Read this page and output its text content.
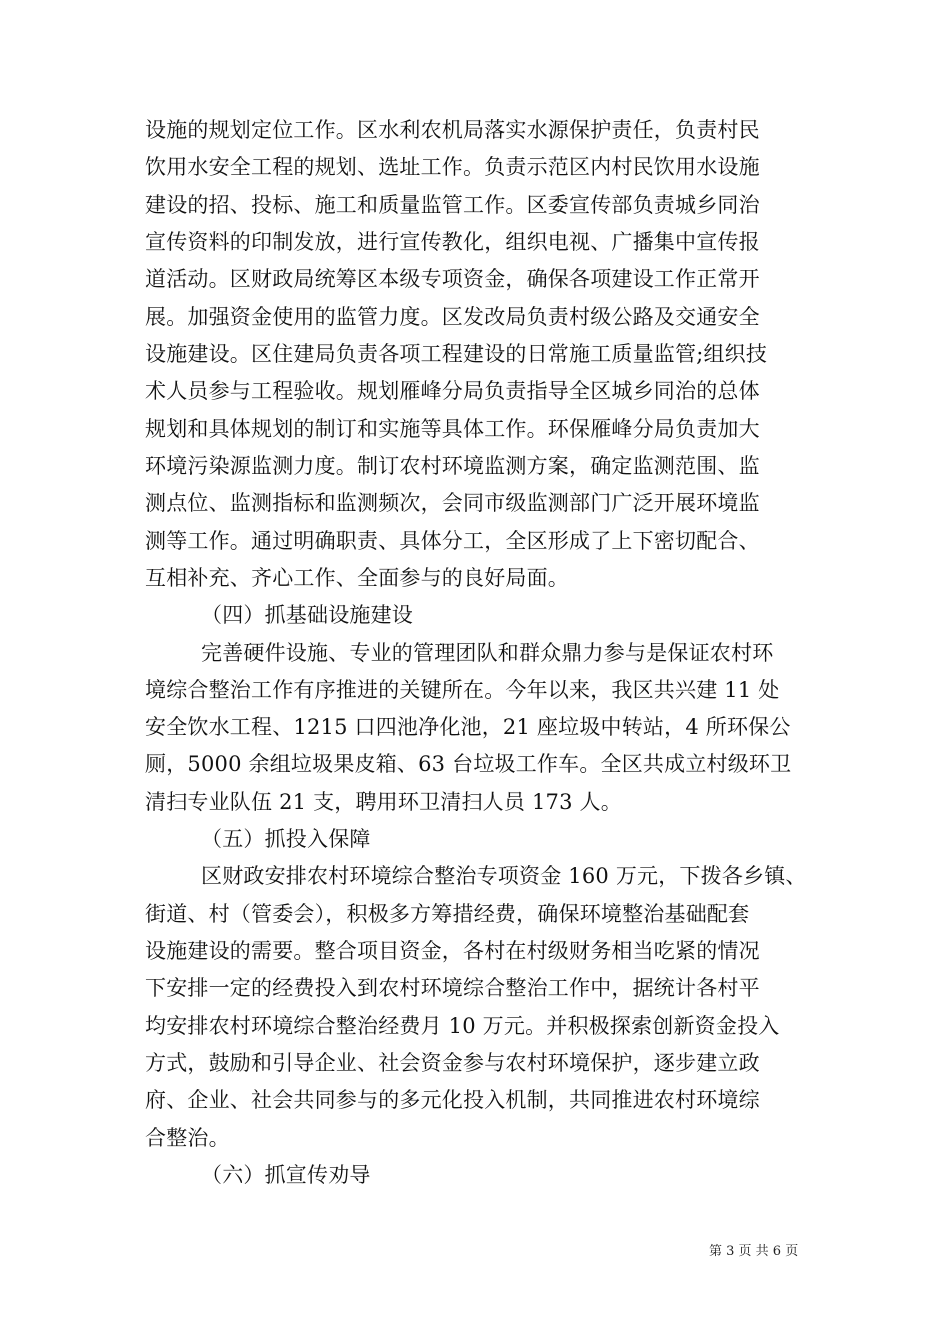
设施的规划定位工作。区水利农机局落实水源保护责任，负责村民
饮用水安全工程的规划、选址工作。负责示范区内村民饮用水设施
建设的招、投标、施工和质量监管工作。区委宣传部负责城乡同治
宣传资料的印制发放，进行宣传教化，组织电视、广播集中宣传报
道活动。区财政局统筹区本级专项资金，确保各项建设工作正常开
展。加强资金使用的监管力度。区发改局负责村级公路及交通安全
设施建设。区住建局负责各项工程建设的日常施工质量监管;组织技
术人员参与工程验收。规划雁峰分局负责指导全区城乡同治的总体
规划和具体规划的制订和实施等具体工作。环保雁峰分局负责加大
环境污染源监测力度。制订农村环境监测方案，确定监测范围、监
测点位、监测指标和监测频次，会同市级监测部门广泛开展环境监
测等工作。通过明确职责、具体分工，全区形成了上下密切配合、
互相补充、齐心工作、全面参与的良好局面。
（四）抓基础设施建设
完善硬件设施、专业的管理团队和群众鼎力参与是保证农村环
境综合整治工作有序推进的关键所在。今年以来，我区共兴建 11 处
安全饮水工程、1215 口四池净化池，21 座垃圾中转站，4 所环保公
厕，5000 余组垃圾果皮箱、63 台垃圾工作车。全区共成立村级环卫
清扫专业队伍 21 支，聘用环卫清扫人员 173 人。
（五）抓投入保障
区财政安排农村环境综合整治专项资金 160 万元，下拨各乡镇、
街道、村（管委会），积极多方筹措经费，确保环境整治基础配套
设施建设的需要。整合项目资金，各村在村级财务相当吃紧的情况
下安排一定的经费投入到农村环境综合整治工作中，据统计各村平
均安排农村环境综合整治经费月 10 万元。并积极探索创新资金投入
方式，鼓励和引导企业、社会资金参与农村环境保护，逐步建立政
府、企业、社会共同参与的多元化投入机制，共同推进农村环境综
合整治。
（六）抓宣传劝导
第 3 页 共 6 页
